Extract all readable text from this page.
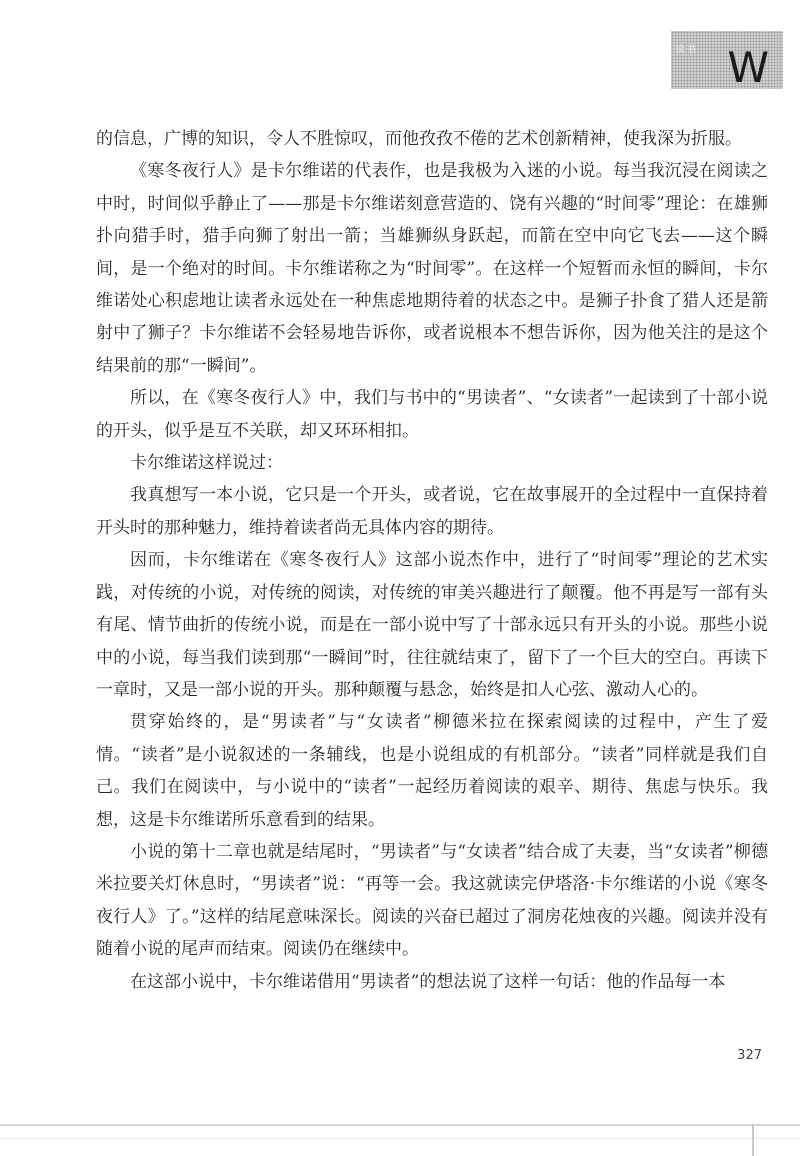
读书 W

的信息，广博的知识，令人不胜惊叹，而他孜孜不倦的艺术创新精神，使我深为折服。

《寒冬夜行人》是卡尔维诺的代表作，也是我极为入迷的小说。每当我沉浸在阅读之中时，时间似乎静止了——那是卡尔维诺刻意营造的、饶有兴趣的“时间零”理论：在雄狮扑向猎手时，猎手向狮了射出一箭；当雄狮纵身跃起，而箭在空中向它飞去——这个瞬间，是一个绝对的时间。卡尔维诺称之为“时间零”。在这样一个短暂而永恒的瞬间，卡尔维诺处心积虑地让读者永远处在一种焦虑地期待着的状态之中。是狮子扑食了猎人还是箭射中了狮子？卡尔维诺不会轻易地告诉你，或者说根本不想告诉你，因为他关注的是这个结果前的那“一瞬间”。

所以，在《寒冬夜行人》中，我们与书中的“男读者”、“女读者”一起读到了十部小说的开头，似乎是互不关联，却又环环相扣。

卡尔维诺这样说过：

我真想写一本小说，它只是一个开头，或者说，它在故事展开的全过程中一直保持着开头时的那种魅力，维持着读者尚无具体内容的期待。

因而，卡尔维诺在《寒冬夜行人》这部小说杰作中，进行了“时间零”理论的艺术实践，对传统的小说，对传统的阅读，对传统的审美兴趣进行了颠覆。他不再是写一部有头有尾、情节曲折的传统小说，而是在一部小说中写了十部永远只有开头的小说。那些小说中的小说，每当我们读到那“一瞬间”时，往往就结束了，留下了一个巨大的空白。再读下一章时，又是一部小说的开头。那种颠覆与悬念，始终是扣人心弦、激动人心的。

贯穿始终的，是“男读者”与“女读者”柳德米拉在探索阅读的过程中，产生了爱情。“读者”是小说叙述的一条辅线，也是小说组成的有机部分。“读者”同样就是我们自己。我们在阅读中，与小说中的“读者”一起经历着阅读的艰辛、期待、焦虑与快乐。我想，这是卡尔维诺所乐意看到的结果。

小说的第十二章也就是结尾时，“男读者”与“女读者”结合成了夫妻，当“女读者”柳德米拉要关灯休息时，“男读者”说：“再等一会。我这就读完伊塔洛·卡尔维诺的小说《寒冬夜行人》了。”这样的结尾意味深长。阅读的兴奋已超过了洞房花烛夜的兴趣。阅读并没有随着小说的尾声而结束。阅读仍在继续中。

在这部小说中，卡尔维诺借用“男读者”的想法说了这样一句话：他的作品每一本

327
